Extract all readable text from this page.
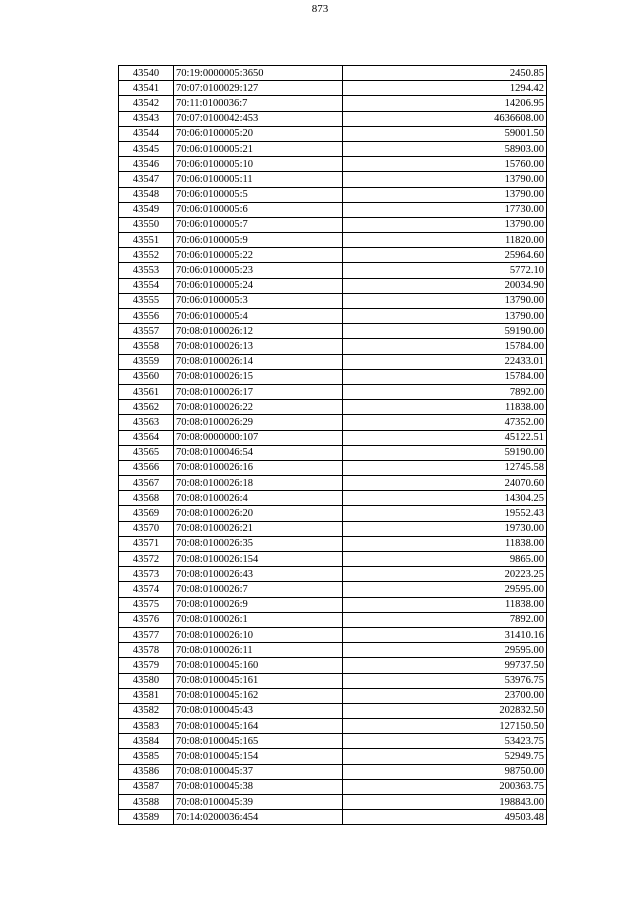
873
43540	70:19:0000005:3650	2450.85
43541	70:07:0100029:127	1294.42
43542	70:11:0100036:7	14206.95
43543	70:07:0100042:453	4636608.00
43544	70:06:0100005:20	59001.50
43545	70:06:0100005:21	58903.00
43546	70:06:0100005:10	15760.00
43547	70:06:0100005:11	13790.00
43548	70:06:0100005:5	13790.00
43549	70:06:0100005:6	17730.00
43550	70:06:0100005:7	13790.00
43551	70:06:0100005:9	11820.00
43552	70:06:0100005:22	25964.60
43553	70:06:0100005:23	5772.10
43554	70:06:0100005:24	20034.90
43555	70:06:0100005:3	13790.00
43556	70:06:0100005:4	13790.00
43557	70:08:0100026:12	59190.00
43558	70:08:0100026:13	15784.00
43559	70:08:0100026:14	22433.01
43560	70:08:0100026:15	15784.00
43561	70:08:0100026:17	7892.00
43562	70:08:0100026:22	11838.00
43563	70:08:0100026:29	47352.00
43564	70:08:0000000:107	45122.51
43565	70:08:0100046:54	59190.00
43566	70:08:0100026:16	12745.58
43567	70:08:0100026:18	24070.60
43568	70:08:0100026:4	14304.25
43569	70:08:0100026:20	19552.43
43570	70:08:0100026:21	19730.00
43571	70:08:0100026:35	11838.00
43572	70:08:0100026:154	9865.00
43573	70:08:0100026:43	20223.25
43574	70:08:0100026:7	29595.00
43575	70:08:0100026:9	11838.00
43576	70:08:0100026:1	7892.00
43577	70:08:0100026:10	31410.16
43578	70:08:0100026:11	29595.00
43579	70:08:0100045:160	99737.50
43580	70:08:0100045:161	53976.75
43581	70:08:0100045:162	23700.00
43582	70:08:0100045:43	202832.50
43583	70:08:0100045:164	127150.50
43584	70:08:0100045:165	53423.75
43585	70:08:0100045:154	52949.75
43586	70:08:0100045:37	98750.00
43587	70:08:0100045:38	200363.75
43588	70:08:0100045:39	198843.00
43589	70:14:0200036:454	49503.48
